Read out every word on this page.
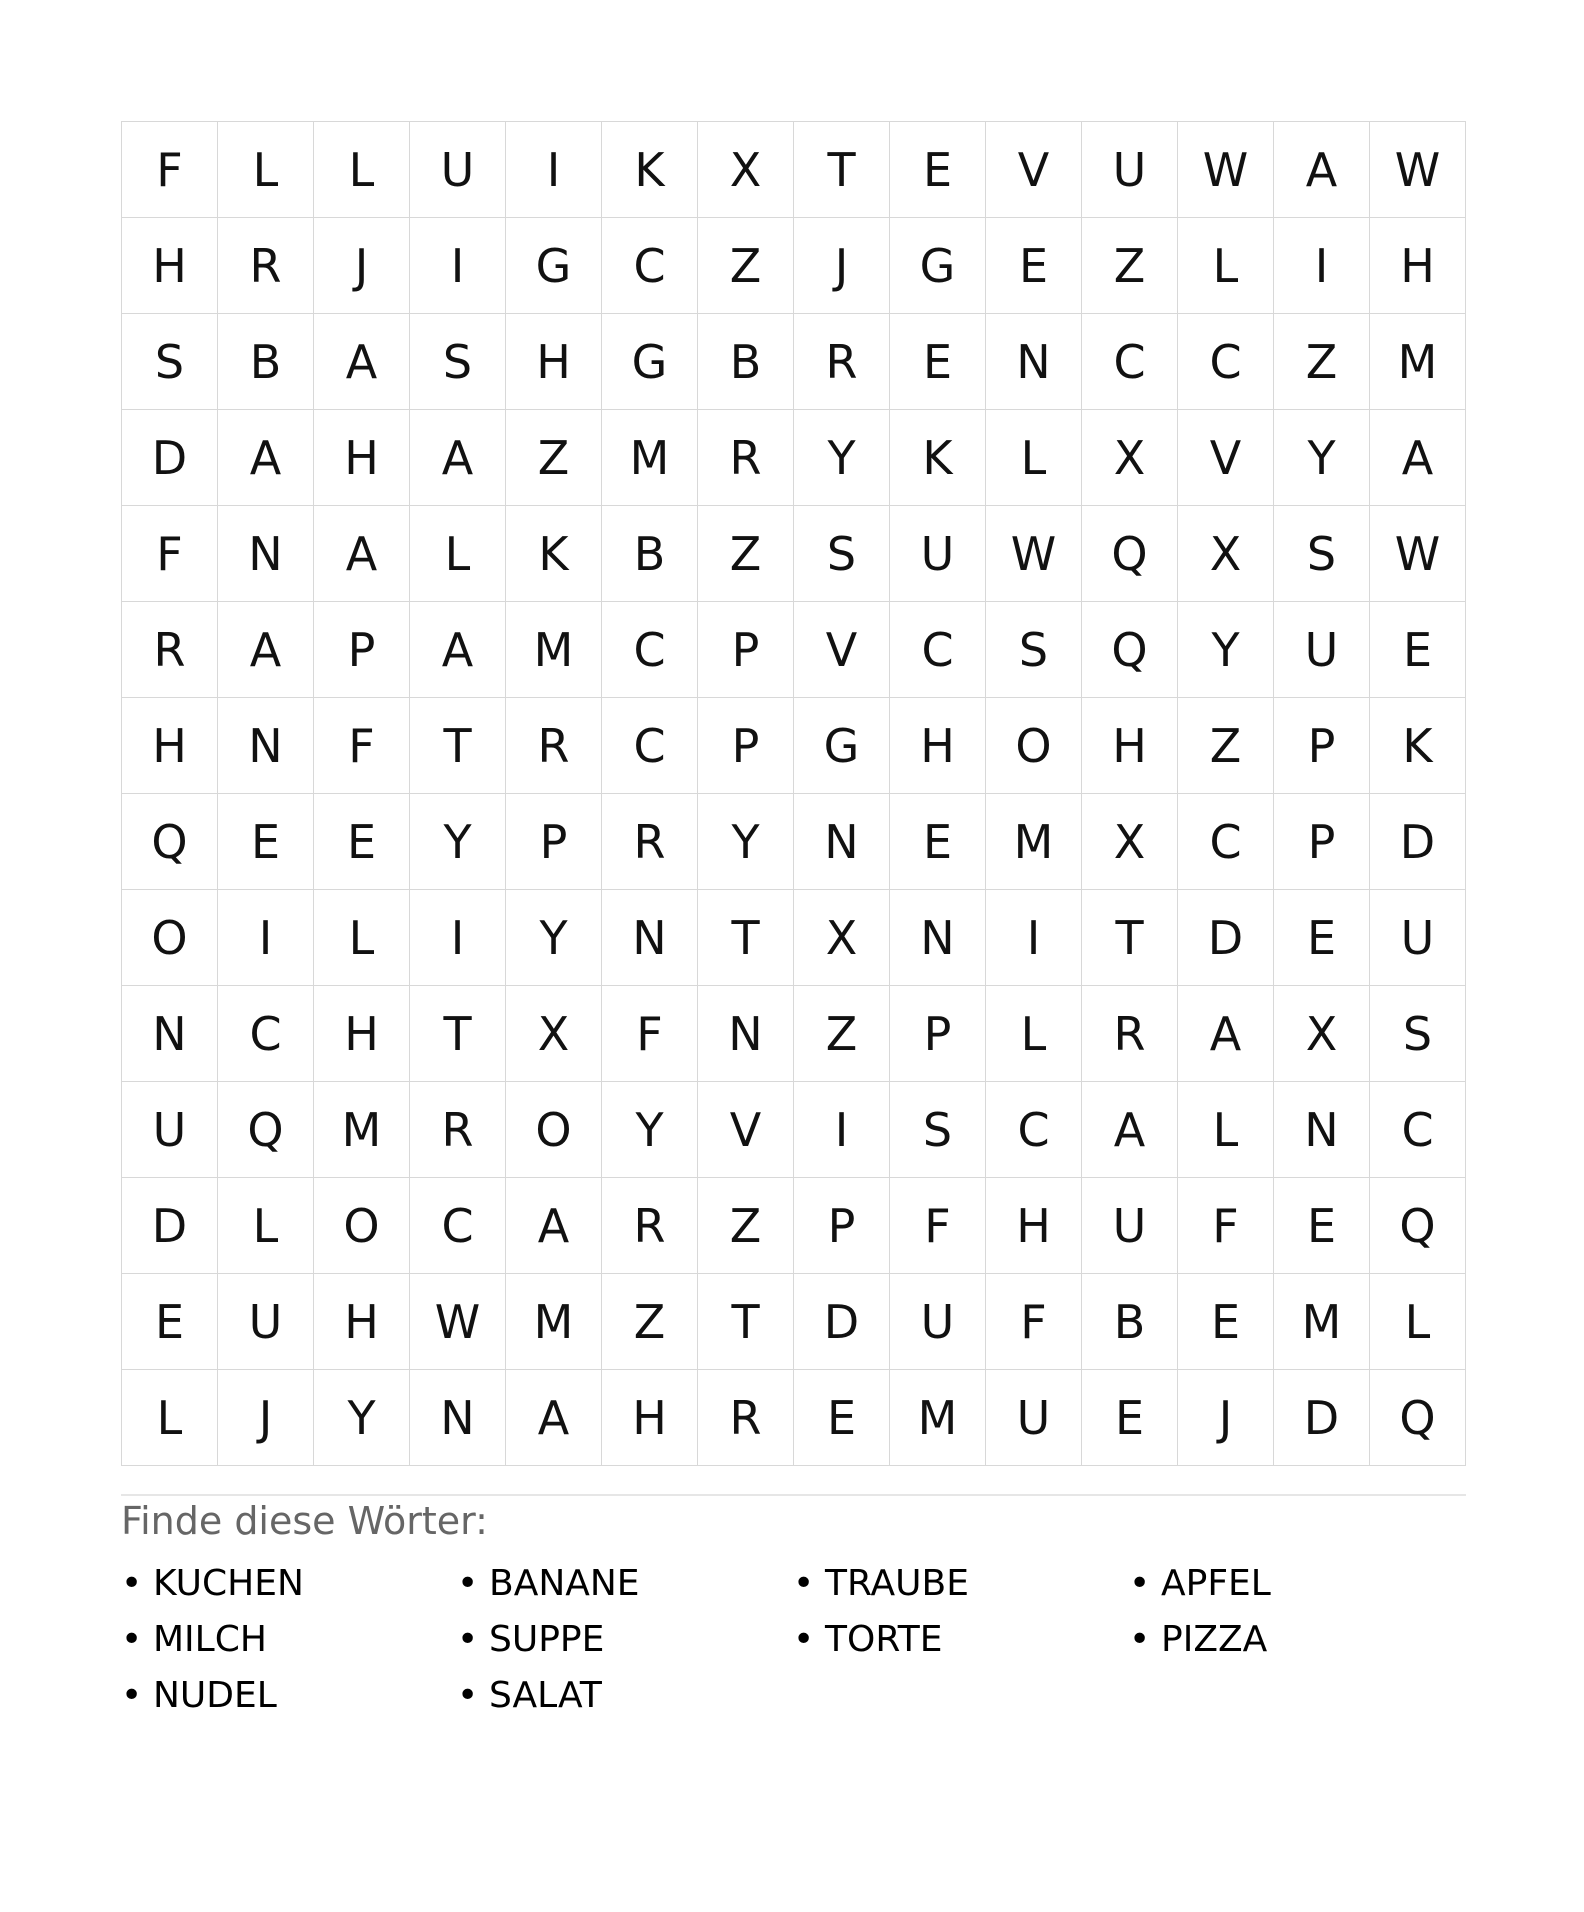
F	L	L	U	I	K	X	T	E	V	U	W	A	W
H	R	J	I	G	C	Z	J	G	E	Z	L	I	H
S	B	A	S	H	G	B	R	E	N	C	C	Z	M
D	A	H	A	Z	M	R	Y	K	L	X	V	Y	A
F	N	A	L	K	B	Z	S	U	W	Q	X	S	W
R	A	P	A	M	C	P	V	C	S	Q	Y	U	E
H	N	F	T	R	C	P	G	H	O	H	Z	P	K
Q	E	E	Y	P	R	Y	N	E	M	X	C	P	D
O	I	L	I	Y	N	T	X	N	I	T	D	E	U
N	C	H	T	X	F	N	Z	P	L	R	A	X	S
U	Q	M	R	O	Y	V	I	S	C	A	L	N	C
D	L	O	C	A	R	Z	P	F	H	U	F	E	Q
E	U	H	W	M	Z	T	D	U	F	B	E	M	L
L	J	Y	N	A	H	R	E	M	U	E	J	D	Q
Finde diese Wörter:
• KUCHEN	• BANANE	• TRAUBE	• APFEL
• MILCH	• SUPPE	• TORTE	• PIZZA
• NUDEL	• SALAT
